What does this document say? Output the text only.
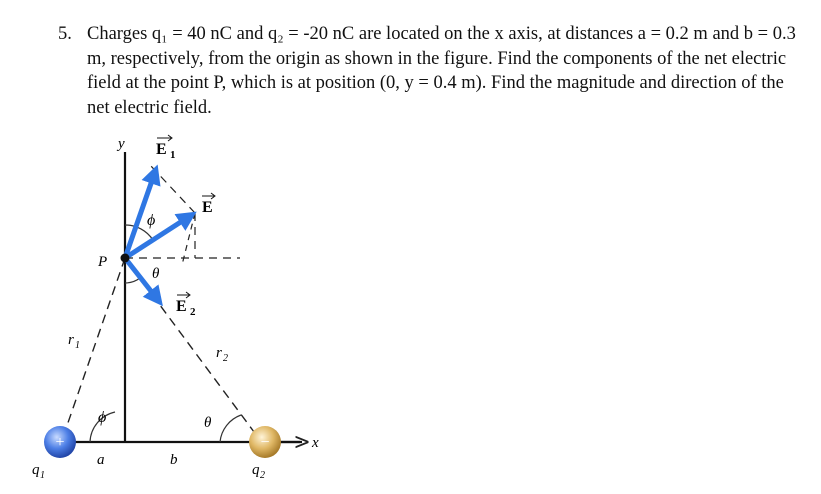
5. Charges q₁ = 40 nC and q₂ = -20 nC are located on the x axis, at distances a = 0.2 m and b = 0.3 m, respectively, from the origin as shown in the figure. Find the components of the net electric field at the point P, which is at position (0, y = 0.4 m). Find the magnitude and direction of the net electric field.
+	−
y
x
P
E 1
E
E 2
ϕ
θ
ϕ	θ
r 1	r 2
a	b
q 1	q 2
